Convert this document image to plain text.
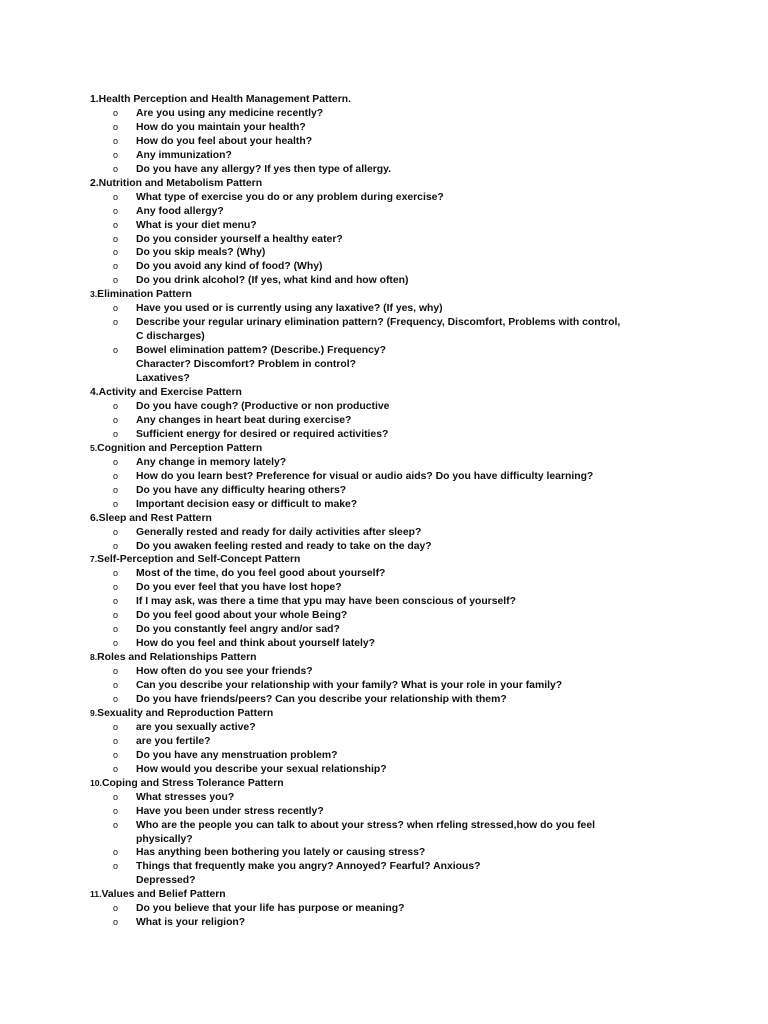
1.Health Perception and Health Management Pattern.
o Are you using any medicine recently?
o How do you maintain your health?
o How do you feel about your health?
o Any immunization?
o Do you have any allergy? If yes then type of allergy.
2.Nutrition and Metabolism Pattern
o What type of exercise you do or any problem during exercise?
o Any food allergy?
o What is your diet menu?
o Do you consider yourself a healthy eater?
o Do you skip meals? (Why)
o Do you avoid any kind of food? (Why)
o Do you drink alcohol? (If yes, what kind and how often)
3.Elimination Pattern
o Have you used or is currently using any laxative? (If yes, why)
o Describe your regular urinary elimination pattern? (Frequency, Discomfort, Problems with control,
C discharges)
o Bowel elimination pattem? (Describe.) Frequency?
Character? Discomfort? Problem in control?
Laxatives?
4.Activity and Exercise Pattern
o Do you have cough? (Productive or non productive
o Any changes in heart beat during exercise?
o Sufficient energy for desired or required activities?
5.Cognition and Perception Pattern
o Any change in memory lately?
o How do you learn best? Preference for visual or audio aids? Do you have difficulty learning?
o Do you have any difficulty hearing others?
o Important decision easy or difficult to make?
6.Sleep and Rest Pattern
o Generally rested and ready for daily activities after sleep?
o Do you awaken feeling rested and ready to take on the day?
7.Self-Perception and Self-Concept Pattern
o Most of the time, do you feel good about yourself?
o Do you ever feel that you have lost hope?
o If I may ask, was there a time that ypu may have been conscious of yourself?
o Do you feel good about your whole Being?
o Do you constantly feel angry and/or sad?
o How do you feel and think about yourself lately?
8.Roles and Relationships Pattern
o How often do you see your friends?
o Can you describe your relationship with your family? What is your role in your family?
o Do you have friends/peers? Can you describe your relationship with them?
9.Sexuality and Reproduction Pattern
o are you sexually active?
o are you fertile?
o Do you have any menstruation problem?
o How would you describe your sexual relationship?
10.Coping and Stress Tolerance Pattern
o What stresses you?
o Have you been under stress recently?
o Who are the people you can talk to about your stress? when rfeling stressed,how do you feel
physically?
o Has anything been bothering you lately or causing stress?
o Things that frequently make you angry? Annoyed? Fearful? Anxious?
Depressed?
11.Values and Belief Pattern
o Do you believe that your life has purpose or meaning?
o What is your religion?
